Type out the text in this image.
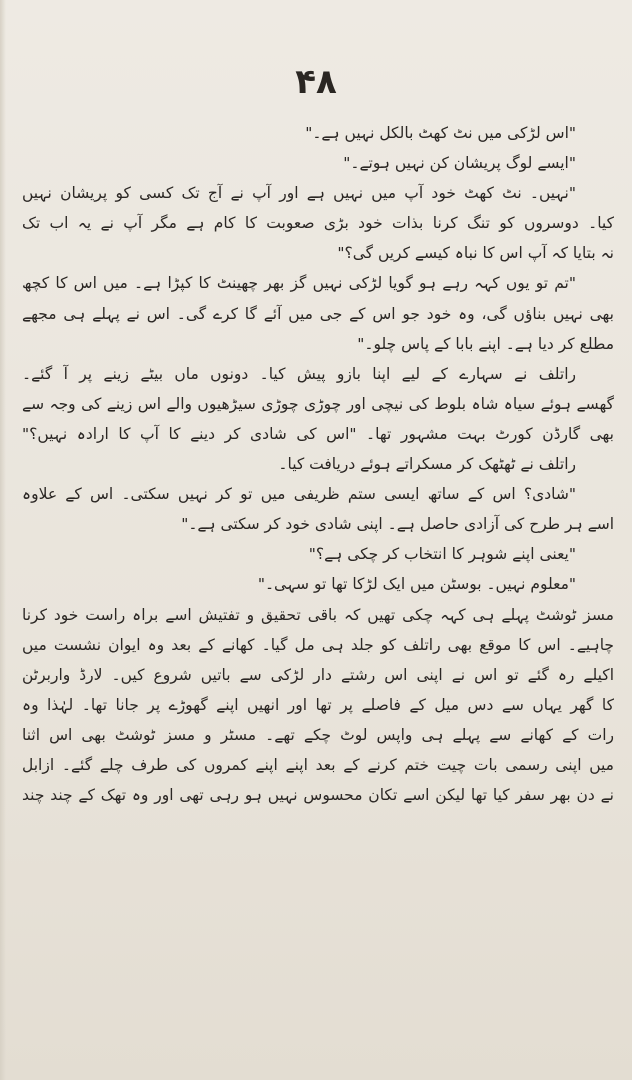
۴۸
"اس لڑکی میں نٹ کھٹ بالکل نہیں ہے۔"
"ایسے لوگ پریشان کن نہیں ہوتے۔"
"نہیں۔ نٹ کھٹ خود آپ میں نہیں ہے اور آپ نے آج تک کسی کو پریشان نہیں
کیا۔ دوسروں کو تنگ کرنا بذات خود بڑی صعوبت کا کام ہے مگر آپ نے یہ اب تک
نہ بتایا کہ آپ اس کا نباہ کیسے کریں گی؟"
"تم تو یوں کہہ رہے ہو گویا لڑکی نہیں گز بھر چھینٹ کا کپڑا ہے۔ میں اس کا کچھ
بھی نہیں بناؤں گی، وہ خود جو اس کے جی میں آئے گا کرے گی۔ اس نے پہلے ہی مجھے
مطلع کر دیا ہے۔ اپنے بابا کے پاس چلو۔"
راتلف نے سہارے کے لیے اپنا بازو پیش کیا۔ دونوں ماں بیٹے زینے پر آ گئے۔
گھسے ہوئے سیاہ شاہ بلوط کی نیچی اور چوڑی چوڑی سیڑھیوں والے اس زینے کی وجہ سے
بھی گارڈن کورٹ بہت مشہور تھا۔ "اس کی شادی کر دینے کا آپ کا ارادہ نہیں؟"
راتلف نے ٹھٹھک کر مسکراتے ہوئے دریافت کیا۔
"شادی؟ اس کے ساتھ ایسی ستم ظریفی میں تو کر نہیں سکتی۔ اس کے علاوہ
اسے ہر طرح کی آزادی حاصل ہے۔ اپنی شادی خود کر سکتی ہے۔"
"یعنی اپنے شوہر کا انتخاب کر چکی ہے؟"
"معلوم نہیں۔ بوسٹن میں ایک لڑکا تھا تو سہی۔"
مسز ٹوشٹ پہلے ہی کہہ چکی تھیں کہ باقی تحقیق و تفتیش اسے براہ راست خود کرنا
چاہیے۔ اس کا موقع بھی راتلف کو جلد ہی مل گیا۔ کھانے کے بعد وہ ایوان نشست میں
اکیلے رہ گئے تو اس نے اپنی اس رشتے دار لڑکی سے باتیں شروع کیں۔ لارڈ واربرٹن
کا گھر یہاں سے دس میل کے فاصلے پر تھا اور انھیں اپنے گھوڑے پر جانا تھا۔ لہٰذا وہ
رات کے کھانے سے پہلے ہی واپس لوٹ چکے تھے۔ مسٹر و مسز ٹوشٹ بھی اس اثنا
میں اپنی رسمی بات چیت ختم کرنے کے بعد اپنے اپنے کمروں کی طرف چلے گئے۔ ازابل
نے دن بھر سفر کیا تھا لیکن اسے تکان محسوس نہیں ہو رہی تھی اور وہ تھک کے چند چند
